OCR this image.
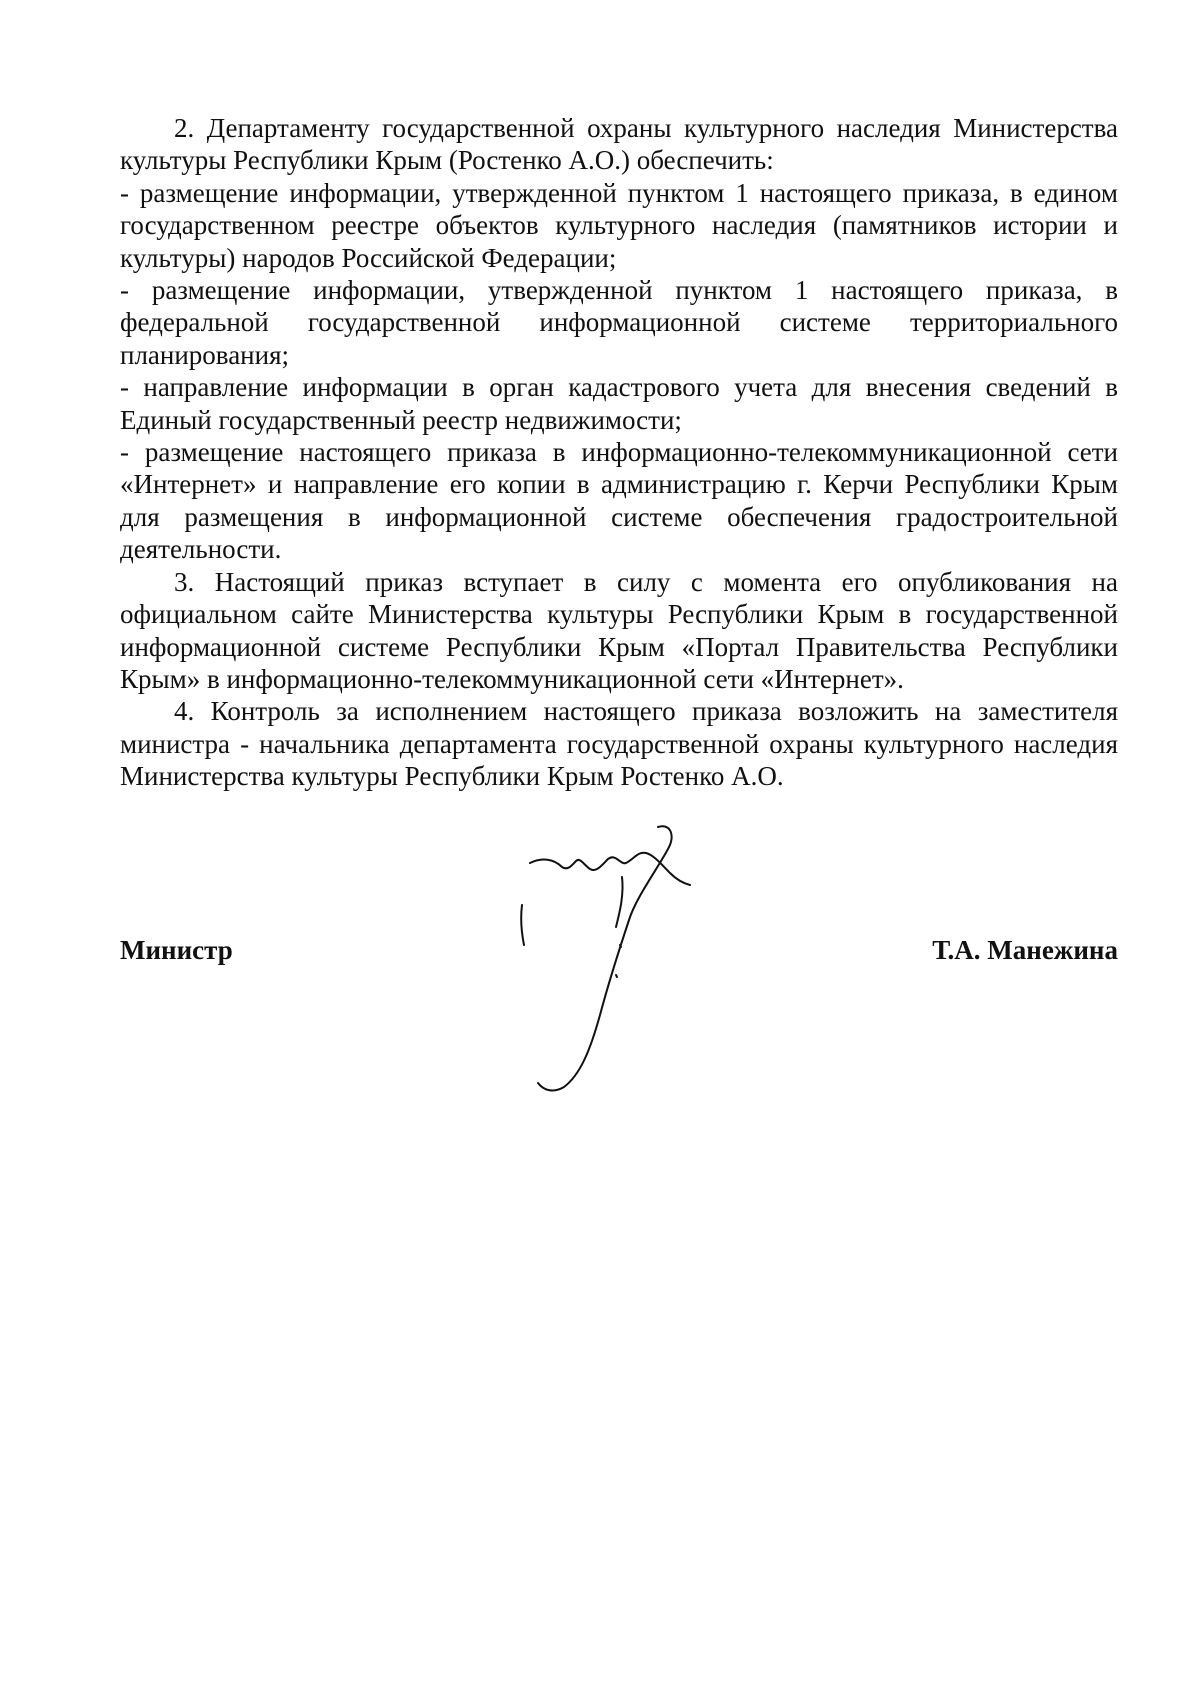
2. Департаменту государственной охраны культурного наследия Министерства культуры Республики Крым (Ростенко А.О.) обеспечить:

- размещение информации, утвержденной пунктом 1 настоящего приказа, в едином государственном реестре объектов культурного наследия (памятников истории и культуры) народов Российской Федерации;

- размещение информации, утвержденной пунктом 1 настоящего приказа, в федеральной государственной информационной системе территориального планирования;

- направление информации в орган кадастрового учета для внесения сведений в Единый государственный реестр недвижимости;

- размещение настоящего приказа в информационно-телекоммуникационной сети «Интернет» и направление его копии в администрацию г. Керчи Республики Крым для размещения в информационной системе обеспечения градостроительной деятельности.

3. Настоящий приказ вступает в силу с момента его опубликования на официальном сайте Министерства культуры Республики Крым в государственной информационной системе Республики Крым «Портал Правительства Республики Крым» в информационно-телекоммуникационной сети «Интернет».

4. Контроль за исполнением настоящего приказа возложить на заместителя министра - начальника департамента государственной охраны культурного наследия Министерства культуры Республики Крым Ростенко А.О.

Министр	Т.А. Манежина
